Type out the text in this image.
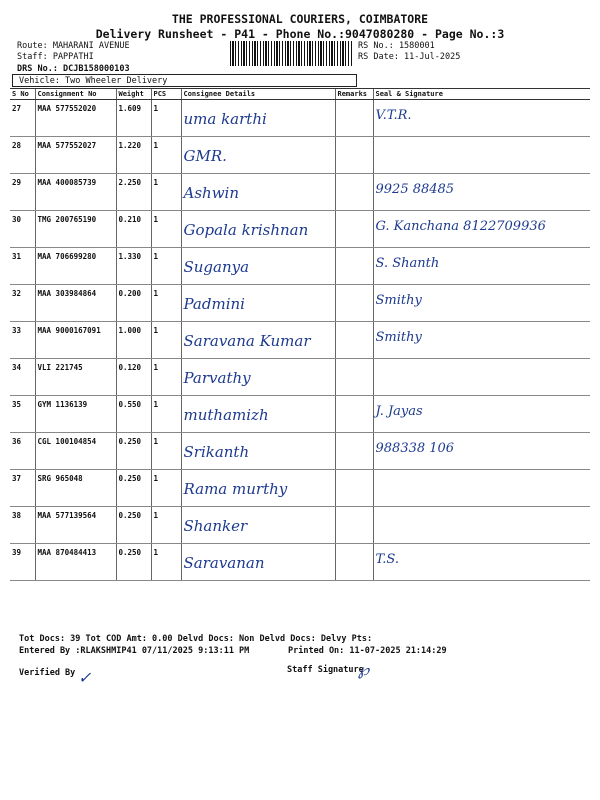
THE PROFESSIONAL COURIERS, COIMBATORE
Delivery Runsheet - P41 - Phone No.:9047080280 - Page No.:3
Route: MAHARANI AVENUE
Staff: PAPPATHI
DRS No.: DCJB158000103
RS No.: 1580001
RS Date: 11-Jul-2025
Vehicle: Two Wheeler Delivery
S No	Consignment No	Weight	PCS	Consignee Details	Remarks	Seal & Signature
27	MAA 577552020	1.609	1	uma karthi		V.T.R.

28	MAA 577552027	1.220	1	GMR.		

29	MAA 400085739	2.250	1	Ashwin		9925 88485

30	TMG 200765190	0.210	1	Gopala krishnan		G. Kanchana 8122709936

31	MAA 706699280	1.330	1	Suganya		S. Shanth

32	MAA 303984864	0.200	1	Padmini		Smithy

33	MAA 9000167091	1.000	1	Saravana Kumar		Smithy

34	VLI 221745	0.120	1	Parvathy		

35	GYM 1136139	0.550	1	muthamizh		J. Jayas

36	CGL 100104854	0.250	1	Srikanth		988338 106

37	SRG 965048	0.250	1	Rama murthy		

38	MAA 577139564	0.250	1	Shanker		

39	MAA 870484413	0.250	1	Saravanan		T.S.
Tot Docs: 39 Tot COD Amt: 0.00 Delvd Docs: Non Delvd Docs: Delvy Pts:
Entered By :RLAKSHMIP41 07/11/2025 9:13:11 PM	Printed On: 11-07-2025 21:14:29
Verified By ✓	Staff Signature
℘
